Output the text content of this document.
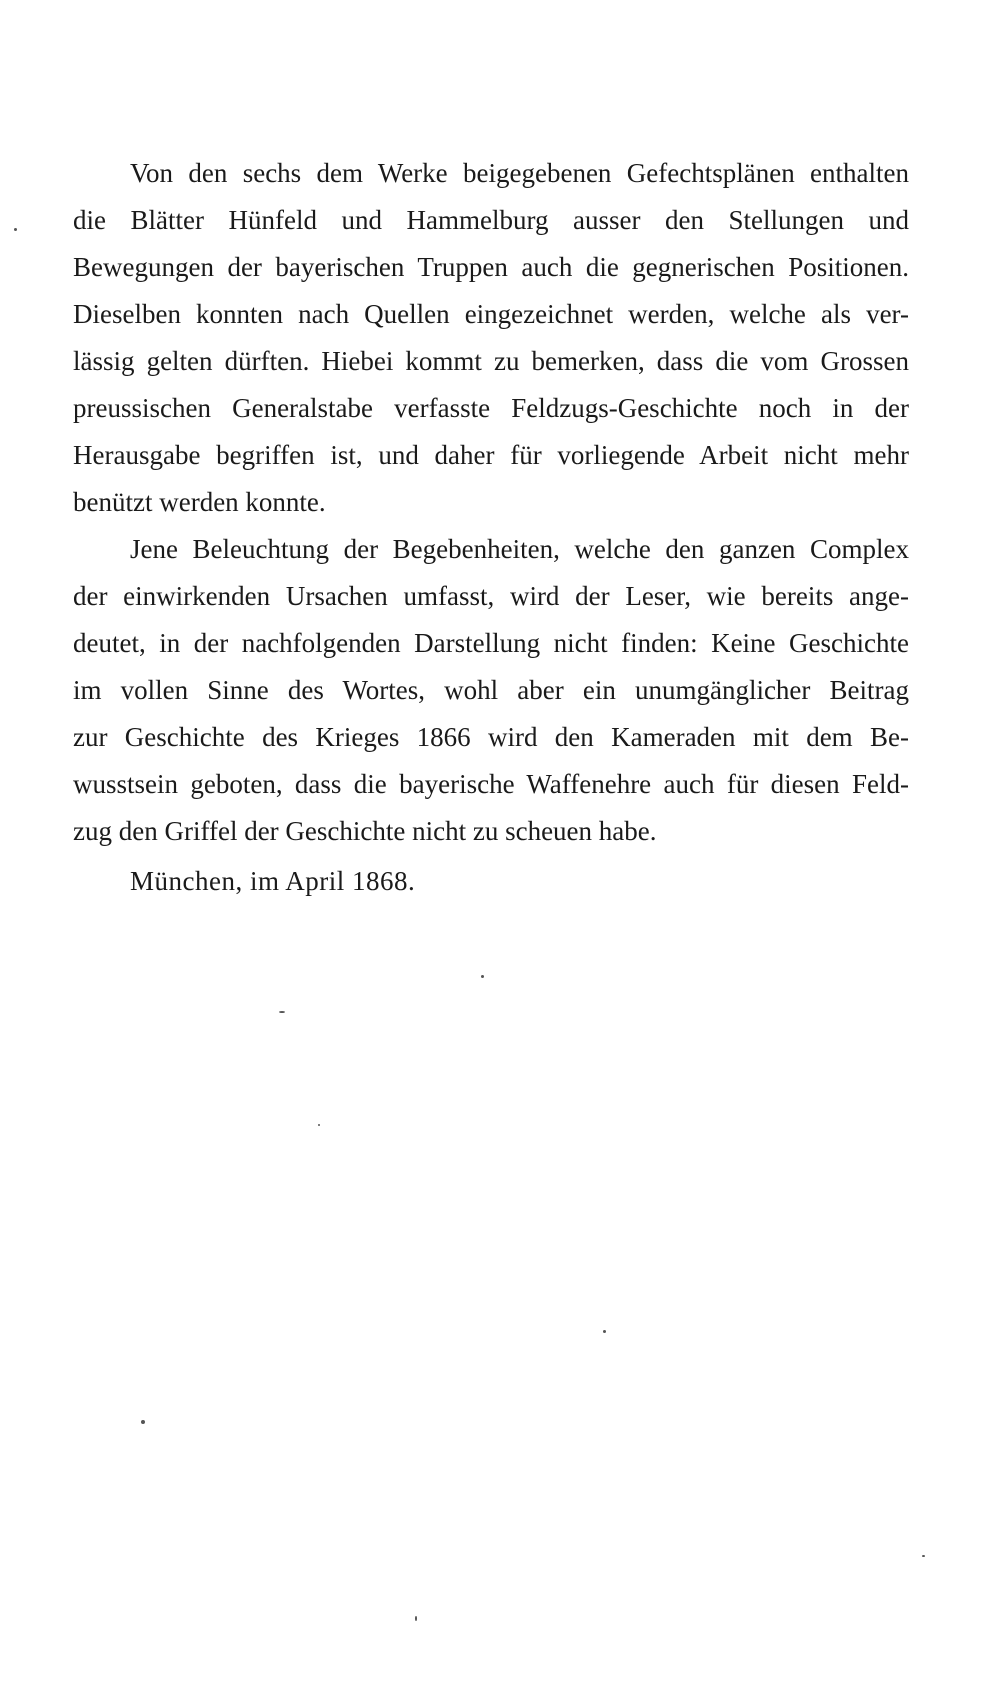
Von den sechs dem Werke beigegebenen Gefechtsplänen enthalten
die Blätter Hünfeld und Hammelburg ausser den Stellungen und
Bewegungen der bayerischen Truppen auch die gegnerischen Positionen.
Dieselben konnten nach Quellen eingezeichnet werden, welche als ver-
lässig gelten dürften. Hiebei kommt zu bemerken, dass die vom Grossen
preussischen Generalstabe verfasste Feldzugs-Geschichte noch in der
Herausgabe begriffen ist, und daher für vorliegende Arbeit nicht mehr
benützt werden konnte.
Jene Beleuchtung der Begebenheiten, welche den ganzen Complex
der einwirkenden Ursachen umfasst, wird der Leser, wie bereits ange-
deutet, in der nachfolgenden Darstellung nicht finden: Keine Geschichte
im vollen Sinne des Wortes, wohl aber ein unumgänglicher Beitrag
zur Geschichte des Krieges 1866 wird den Kameraden mit dem Be-
wusstsein geboten, dass die bayerische Waffenehre auch für diesen Feld-
zug den Griffel der Geschichte nicht zu scheuen habe.
München, im April 1868.
